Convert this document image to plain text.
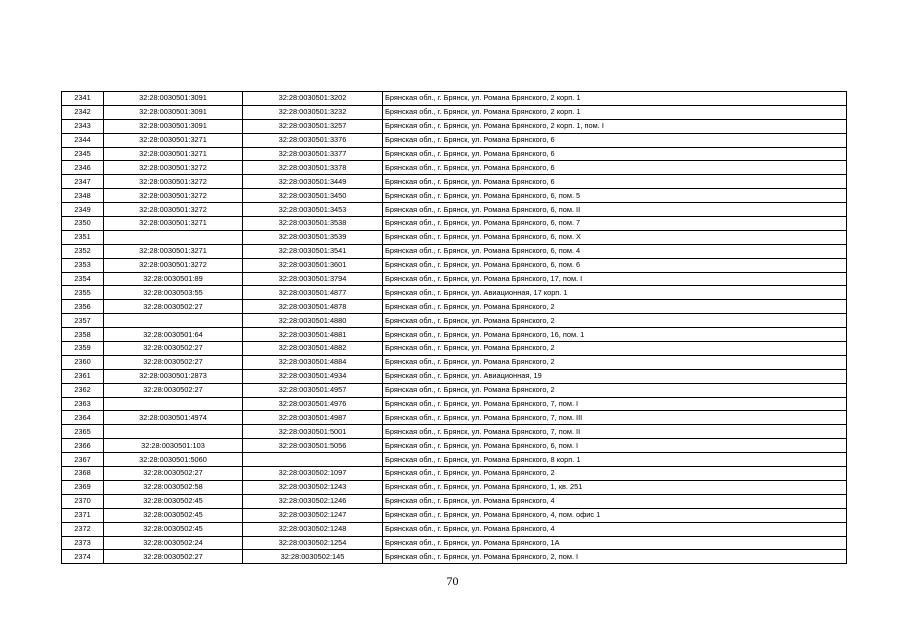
2341	32:28:0030501:3091	32:28:0030501:3202	Брянская обл., г. Брянск, ул. Романа Брянского, 2 корп. 1
2342	32:28:0030501:3091	32:28:0030501:3232	Брянская обл., г. Брянск, ул. Романа Брянского, 2 корп. 1
2343	32:28:0030501:3091	32:28:0030501:3257	Брянская обл., г. Брянск, ул. Романа Брянского, 2 корп. 1, пом. I
2344	32:28:0030501:3271	32:28:0030501:3376	Брянская обл., г. Брянск, ул. Романа Брянского, 6
2345	32:28:0030501:3271	32:28:0030501:3377	Брянская обл., г. Брянск, ул. Романа Брянского, 6
2346	32:28:0030501:3272	32:28:0030501:3378	Брянская обл., г. Брянск, ул. Романа Брянского, 6
2347	32:28:0030501:3272	32:28:0030501:3449	Брянская обл., г. Брянск, ул. Романа Брянского, 6
2348	32:28:0030501:3272	32:28:0030501:3450	Брянская обл., г. Брянск, ул. Романа Брянского, 6, пом. 5
2349	32:28:0030501:3272	32:28:0030501:3453	Брянская обл., г. Брянск, ул. Романа Брянского, 6, пом. II
2350	32:28:0030501:3271	32:28:0030501:3538	Брянская обл., г. Брянск, ул. Романа Брянского, 6, пом. 7
2351		32:28:0030501:3539	Брянская обл., г. Брянск, ул. Романа Брянского, 6, пом. X
2352	32:28:0030501:3271	32:28:0030501:3541	Брянская обл., г. Брянск, ул. Романа Брянского, 6, пом. 4
2353	32:28:0030501:3272	32:28:0030501:3601	Брянская обл., г. Брянск, ул. Романа Брянского, 6, пом. 6
2354	32:28:0030501:89	32:28:0030501:3794	Брянская обл., г. Брянск, ул. Романа Брянского, 17, пом. I
2355	32:28:0030503:55	32:28:0030501:4877	Брянская обл., г. Брянск, ул. Авиационная, 17 корп. 1
2356	32:28:0030502:27	32:28:0030501:4878	Брянская обл., г. Брянск, ул. Романа Брянского, 2
2357		32:28:0030501:4880	Брянская обл., г. Брянск, ул. Романа Брянского, 2
2358	32:28:0030501:64	32:28:0030501:4881	Брянская обл., г. Брянск, ул. Романа Брянского, 16, пом. 1
2359	32:28:0030502:27	32:28:0030501:4882	Брянская обл., г. Брянск, ул. Романа Брянского, 2
2360	32:28:0030502:27	32:28:0030501:4884	Брянская обл., г. Брянск, ул. Романа Брянского, 2
2361	32:28:0030501:2873	32:28:0030501:4934	Брянская обл., г. Брянск, ул. Авиационная, 19
2362	32:28:0030502:27	32:28:0030501:4957	Брянская обл., г. Брянск, ул. Романа Брянского, 2
2363		32:28:0030501:4976	Брянская обл., г. Брянск, ул. Романа Брянского, 7, пом. I
2364	32:28:0030501:4974	32:28:0030501:4987	Брянская обл., г. Брянск, ул. Романа Брянского, 7, пом. III
2365		32:28:0030501:5001	Брянская обл., г. Брянск, ул. Романа Брянского, 7, пом. II
2366	32:28:0030501:103	32:28:0030501:5056	Брянская обл., г. Брянск, ул. Романа Брянского, 6, пом. I
2367	32:28:0030501:5060		Брянская обл., г. Брянск, ул. Романа Брянского, 8 корп. 1
2368	32:28:0030502:27	32:28:0030502:1097	Брянская обл., г. Брянск, ул. Романа Брянского, 2
2369	32:28:0030502:58	32:28:0030502:1243	Брянская обл., г. Брянск, ул. Романа Брянского, 1, кв. 251
2370	32:28:0030502:45	32:28:0030502:1246	Брянская обл., г. Брянск, ул. Романа Брянского, 4
2371	32:28:0030502:45	32:28:0030502:1247	Брянская обл., г. Брянск, ул. Романа Брянского, 4, пом. офис 1
2372	32:28:0030502:45	32:28:0030502:1248	Брянская обл., г. Брянск, ул. Романа Брянского, 4
2373	32:28:0030502:24	32:28:0030502:1254	Брянская обл., г. Брянск, ул. Романа Брянского, 1А
2374	32:28:0030502:27	32:28:0030502:145	Брянская обл., г. Брянск, ул. Романа Брянского, 2, пом. I
70
